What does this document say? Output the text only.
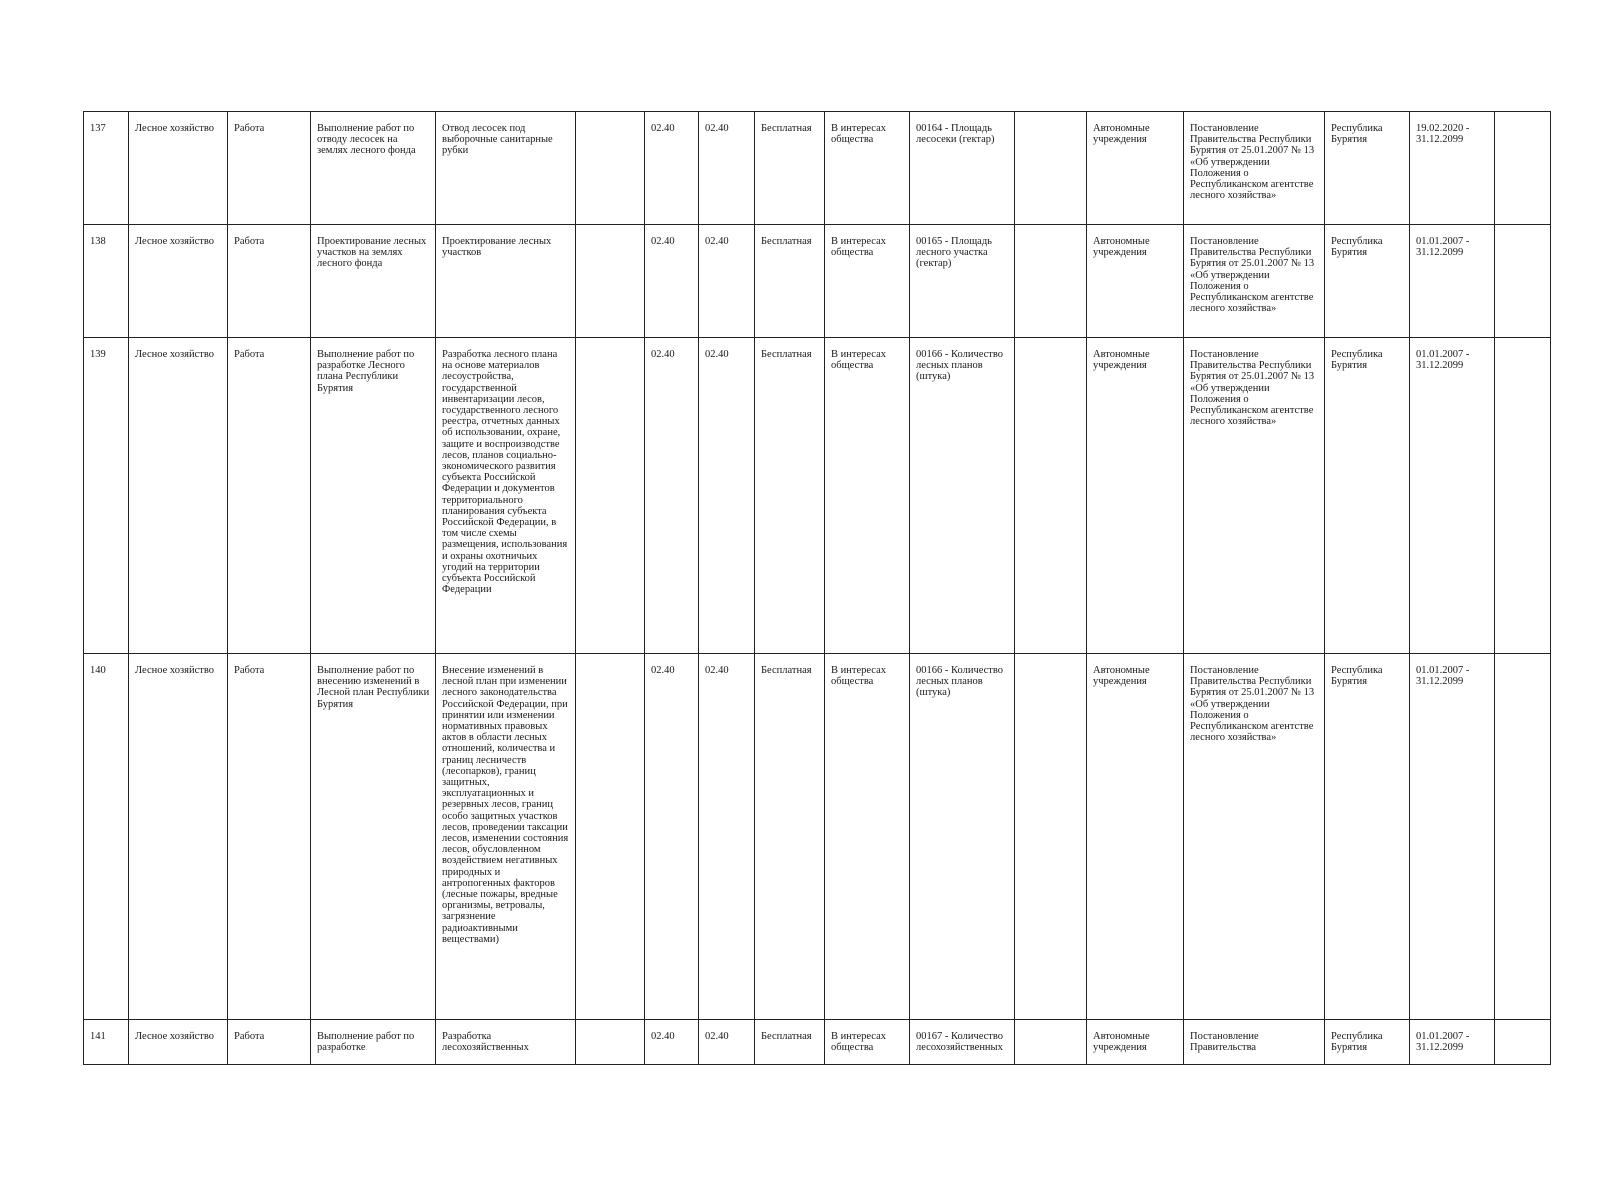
137	Лесное хозяйство	Работа	Выполнение работ по отводу лесосек на землях лесного фонда	Отвод лесосек под выборочные санитарные рубки		02.40	02.40	Бесплатная	В интересах общества	00164 - Площадь лесосеки (гектар)		Автономные учреждения	Постановление Правительства Республики Бурятия от 25.01.2007 № 13 «Об утверждении Положения о Республиканском агентстве лесного хозяйства»	Республика Бурятия	19.02.2020 - 31.12.2099	

138	Лесное хозяйство	Работа	Проектирование лесных участков на землях лесного фонда	Проектирование лесных участков		02.40	02.40	Бесплатная	В интересах общества	00165 - Площадь лесного участка (гектар)		Автономные учреждения	Постановление Правительства Республики Бурятия от 25.01.2007 № 13 «Об утверждении Положения о Республиканском агентстве лесного хозяйства»	Республика Бурятия	01.01.2007 - 31.12.2099	

139	Лесное хозяйство	Работа	Выполнение работ по разработке Лесного плана Республики Бурятия	Разработка лесного плана на основе материалов лесоустройства, государственной инвентаризации лесов, государственного лесного реестра, отчетных данных об использовании, охране, защите и воспроизводстве лесов, планов социально-экономического развития субъекта Российской Федерации и документов территориального планирования субъекта Российской Федерации, в том числе схемы размещения, использования и охраны охотничьих угодий на территории субъекта Российской Федерации		02.40	02.40	Бесплатная	В интересах общества	00166 - Количество лесных планов (штука)		Автономные учреждения	Постановление Правительства Республики Бурятия от 25.01.2007 № 13 «Об утверждении Положения о Республиканском агентстве лесного хозяйства»	Республика Бурятия	01.01.2007 - 31.12.2099	

140	Лесное хозяйство	Работа	Выполнение работ по внесению изменений в Лесной план Республики Бурятия	Внесение изменений в лесной план при изменении лесного законодательства Российской Федерации, при принятии или изменении нормативных правовых актов в области лесных отношений, количества и границ лесничеств (лесопарков), границ защитных, эксплуатационных и резервных лесов, границ особо защитных участков лесов, проведении таксации лесов, изменении состояния лесов, обусловленном воздействием негативных природных и антропогенных факторов (лесные пожары, вредные организмы, ветровалы, загрязнение радиоактивными веществами)		02.40	02.40	Бесплатная	В интересах общества	00166 - Количество лесных планов (штука)		Автономные учреждения	Постановление Правительства Республики Бурятия от 25.01.2007 № 13 «Об утверждении Положения о Республиканском агентстве лесного хозяйства»	Республика Бурятия	01.01.2007 - 31.12.2099	

141	Лесное хозяйство	Работа	Выполнение работ по разработке	Разработка лесохозяйственных		02.40	02.40	Бесплатная	В интересах общества	00167 - Количество лесохозяйственных		Автономные учреждения	Постановление Правительства	Республика Бурятия	01.01.2007 - 31.12.2099	
